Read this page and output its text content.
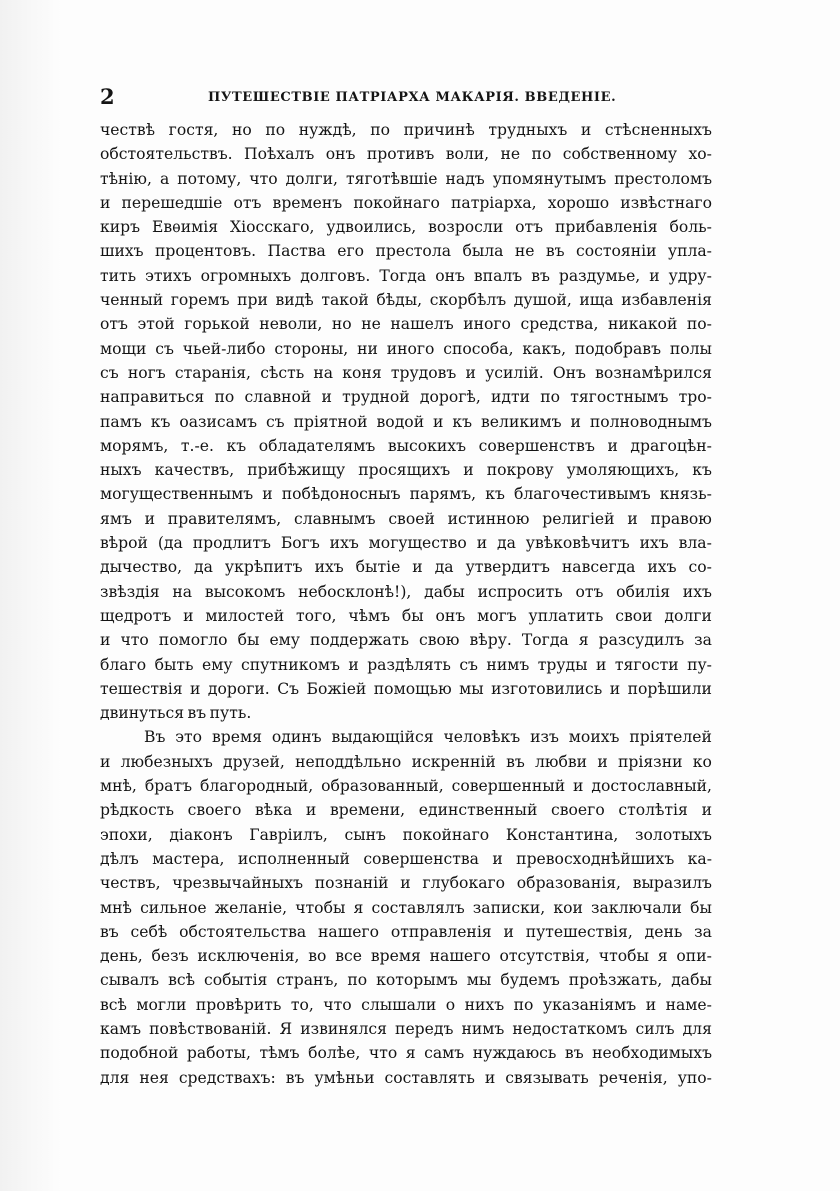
2	ПУТЕШЕСТВІЕ ПАТРІАРХА МАКАРІЯ. ВВЕДЕНІЕ.
чествѣ гостя, но по нуждѣ, по причинѣ трудныхъ и стѣсненныхъ
обстоятельствъ. Поѣхалъ онъ противъ воли, не по собственному хо-
тѣнію, а потому, что долги, тяготѣвшіе надъ упомянутымъ престоломъ
и перешедшіе отъ временъ покойнаго патріарха, хорошо извѣстнаго
киръ Евѳимія Хіосскаго, удвоились, возросли отъ прибавленія боль-
шихъ процентовъ. Паства его престола была не въ состояніи упла-
тить этихъ огромныхъ долговъ. Тогда онъ впалъ въ раздумье, и удру-
ченный горемъ при видѣ такой бѣды, скорбѣлъ душой, ища избавленія
отъ этой горькой неволи, но не нашелъ иного средства, никакой по-
мощи съ чьей-либо стороны, ни иного способа, какъ, подобравъ полы
съ ногъ старанія, сѣсть на коня трудовъ и усилій. Онъ вознамѣрился
направиться по славной и трудной дорогѣ, идти по тягостнымъ тро-
памъ къ оазисамъ съ пріятной водой и къ великимъ и полноводнымъ
морямъ, т.-е. къ обладателямъ высокихъ совершенствъ и драгоцѣн-
ныхъ качествъ, прибѣжищу просящихъ и покрову умоляющихъ, къ
могущественнымъ и побѣдоносныъ парямъ, къ благочестивымъ князь-
ямъ и правителямъ, славнымъ своей истинною религіей и правою
вѣрой (да продлитъ Богъ ихъ могущество и да увѣковѣчитъ ихъ вла-
дычество, да укрѣпитъ ихъ бытіе и да утвердитъ навсегда ихъ со-
звѣздія на высокомъ небосклонѣ!), дабы испросить отъ обилія ихъ
щедротъ и милостей того, чѣмъ бы онъ могъ уплатить свои долги
и что помогло бы ему поддержать свою вѣру. Тогда я разсудилъ за
благо быть ему спутникомъ и раздѣлять съ нимъ труды и тягости пу-
тешествія и дороги. Съ Божіей помощью мы изготовились и порѣшили
двинуться въ путь.
Въ это время одинъ выдающійся человѣкъ изъ моихъ пріятелей
и любезныхъ друзей, неподдѣльно искренній въ любви и пріязни ко
мнѣ, братъ благородный, образованный, совершенный и достославный,
рѣдкость своего вѣка и времени, единственный своего столѣтія и
эпохи, діаконъ Гавріилъ, сынъ покойнаго Константина, золотыхъ
дѣлъ мастера, исполненный совершенства и превосходнѣйшихъ ка-
чествъ, чрезвычайныхъ познаній и глубокаго образованія, выразилъ
мнѣ сильное желаніе, чтобы я составлялъ записки, кои заключали бы
въ себѣ обстоятельства нашего отправленія и путешествія, день за
день, безъ исключенія, во все время нашего отсутствія, чтобы я опи-
сывалъ всѣ событія странъ, по которымъ мы будемъ проѣзжать, дабы
всѣ могли провѣрить то, что слышали о нихъ по указаніямъ и наме-
камъ повѣствованій. Я извинялся передъ нимъ недостаткомъ силъ для
подобной работы, тѣмъ болѣе, что я самъ нуждаюсь въ необходимыхъ
для нея средствахъ: въ умѣньи составлять и связывать реченія, упо-
